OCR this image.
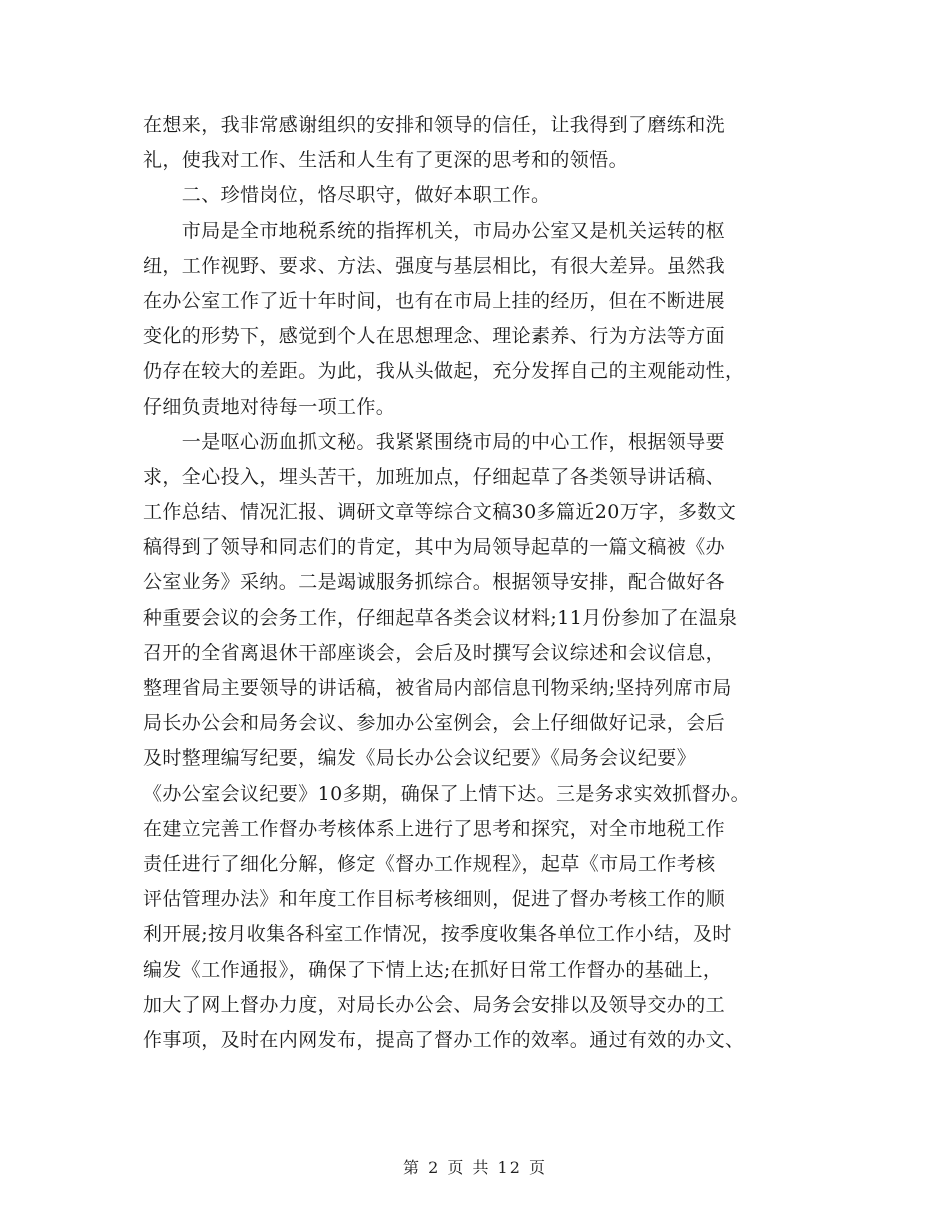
在想来，我非常感谢组织的安排和领导的信任，让我得到了磨练和洗
礼，使我对工作、生活和人生有了更深的思考和的领悟。
　　二、珍惜岗位，恪尽职守，做好本职工作。
　　市局是全市地税系统的指挥机关，市局办公室又是机关运转的枢
纽，工作视野、要求、方法、强度与基层相比，有很大差异。虽然我
在办公室工作了近十年时间，也有在市局上挂的经历，但在不断进展
变化的形势下，感觉到个人在思想理念、理论素养、行为方法等方面
仍存在较大的差距。为此，我从头做起，充分发挥自己的主观能动性，
仔细负责地对待每一项工作。
　　一是呕心沥血抓文秘。我紧紧围绕市局的中心工作，根据领导要
求，全心投入，埋头苦干，加班加点，仔细起草了各类领导讲话稿、
工作总结、情况汇报、调研文章等综合文稿30多篇近20万字，多数文
稿得到了领导和同志们的肯定，其中为局领导起草的一篇文稿被《办
公室业务》采纳。二是竭诚服务抓综合。根据领导安排，配合做好各
种重要会议的会务工作，仔细起草各类会议材料;11月份参加了在温泉
召开的全省离退休干部座谈会，会后及时撰写会议综述和会议信息，
整理省局主要领导的讲话稿，被省局内部信息刊物采纳;坚持列席市局
局长办公会和局务会议、参加办公室例会，会上仔细做好记录，会后
及时整理编写纪要，编发《局长办公会议纪要》《局务会议纪要》
《办公室会议纪要》10多期，确保了上情下达。三是务求实效抓督办。
在建立完善工作督办考核体系上进行了思考和探究，对全市地税工作
责任进行了细化分解，修定《督办工作规程》，起草《市局工作考核
评估管理办法》和年度工作目标考核细则，促进了督办考核工作的顺
利开展;按月收集各科室工作情况，按季度收集各单位工作小结，及时
编发《工作通报》，确保了下情上达;在抓好日常工作督办的基础上，
加大了网上督办力度，对局长办公会、局务会安排以及领导交办的工
作事项，及时在内网发布，提高了督办工作的效率。通过有效的办文、
第 2 页 共 12 页
